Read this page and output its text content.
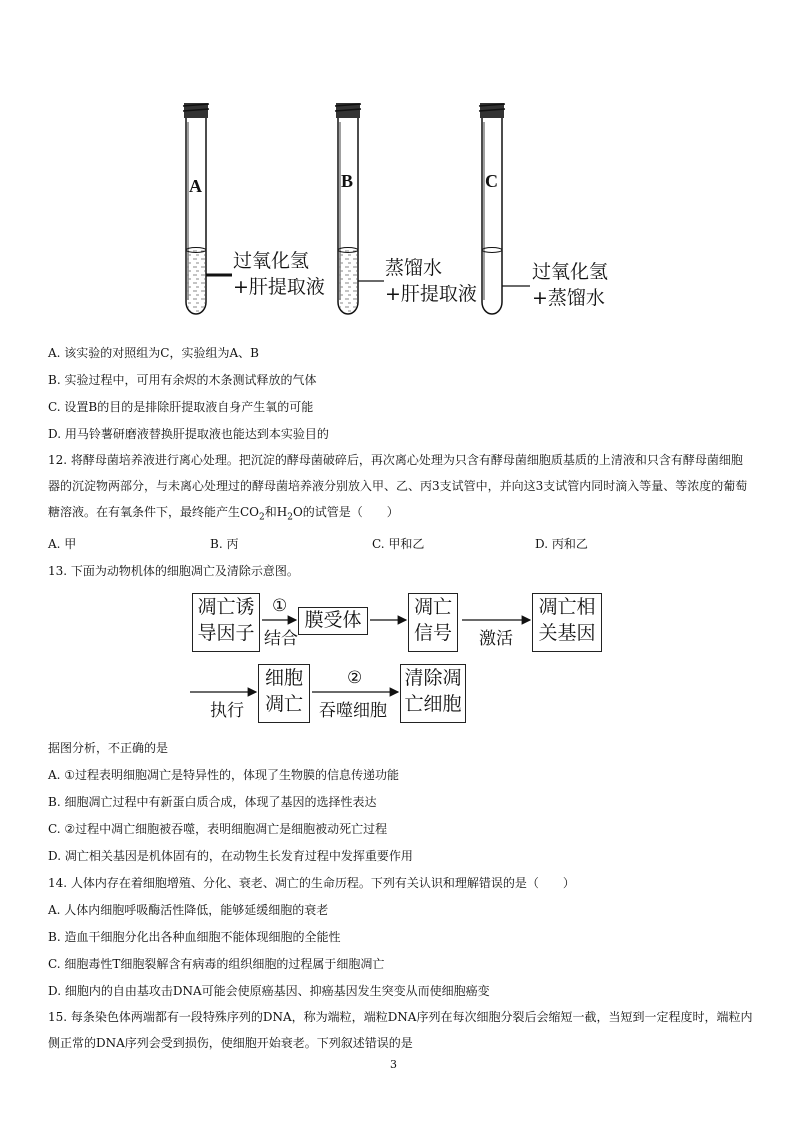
A	B	C
过氧化氢
+肝提取液
蒸馏水
+肝提取液
过氧化氢
+蒸馏水
A. 该实验的对照组为C，实验组为A、B
B. 实验过程中，可用有余烬的木条测试释放的气体
C. 设置B的目的是排除肝提取液自身产生氧的可能
D. 用马铃薯研磨液替换肝提取液也能达到本实验目的
12. 将酵母菌培养液进行离心处理。把沉淀的酵母菌破碎后，再次离心处理为只含有酵母菌细胞质基质的上清液和只含有酵母菌细胞器的沉淀物两部分，与未离心处理过的酵母菌培养液分别放入甲、乙、丙3支试管中，并向这3支试管内同时滴入等量、等浓度的葡萄糖溶液。在有氧条件下，最终能产生$CO_2$和$H_2O$的试管是（　　）
A. 甲	B. 丙	C. 甲和乙	D. 丙和乙
13. 下面为动物机体的细胞凋亡及清除示意图。
凋亡诱
导因子
①
结合
膜受体
凋亡
信号 激活
凋亡相
关基因
执行
细胞
凋亡
②
吞噬细胞
清除凋
亡细胞
据图分析，不正确的是
A. ①过程表明细胞凋亡是特异性的，体现了生物膜的信息传递功能
B. 细胞凋亡过程中有新蛋白质合成，体现了基因的选择性表达
C. ②过程中凋亡细胞被吞噬，表明细胞凋亡是细胞被动死亡过程
D. 凋亡相关基因是机体固有的，在动物生长发育过程中发挥重要作用
14. 人体内存在着细胞增殖、分化、衰老、凋亡的生命历程。下列有关认识和理解错误的是（　　）
A. 人体内细胞呼吸酶活性降低，能够延缓细胞的衰老
B. 造血干细胞分化出各种血细胞不能体现细胞的全能性
C. 细胞毒性T细胞裂解含有病毒的组织细胞的过程属于细胞凋亡
D. 细胞内的自由基攻击DNA可能会使原癌基因、抑癌基因发生突变从而使细胞癌变
15. 每条染色体两端都有一段特殊序列的DNA，称为端粒，端粒DNA序列在每次细胞分裂后会缩短一截，当短到一定程度时，端粒内侧正常的DNA序列会受到损伤，使细胞开始衰老。下列叙述错误的是
3
